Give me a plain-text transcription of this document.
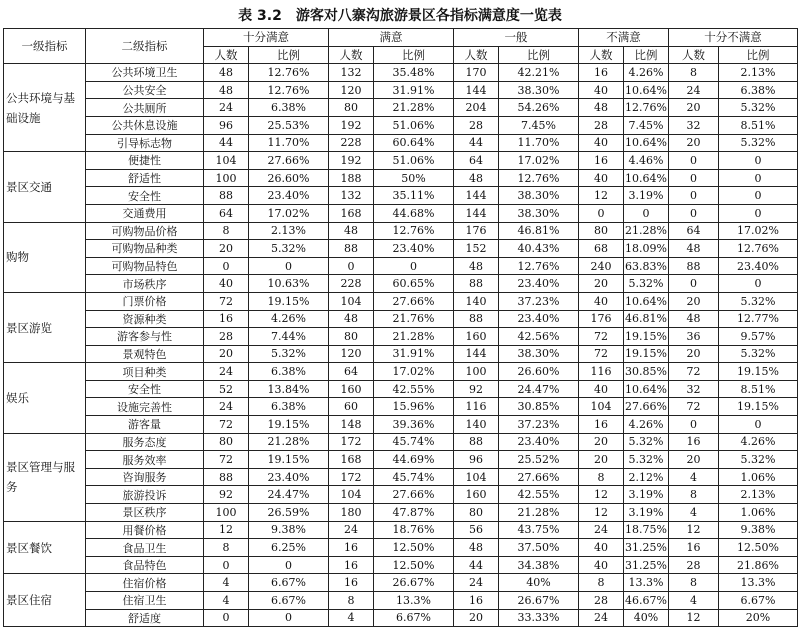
表 3.2　游客对八寨沟旅游景区各指标满意度一览表
一级指标	二级指标	十分满意		满意		一般		不满意		十分不满意	
		人数	比例	人数	比例	人数	比例	人数	比例	人数	比例
公共环境与基础设施	公共环境卫生	48	12.76%	132	35.48%	170	42.21%	16	4.26%	8	2.13%
	公共安全	48	12.76%	120	31.91%	144	38.30%	40	10.64%	24	6.38%
	公共厕所	24	6.38%	80	21.28%	204	54.26%	48	12.76%	20	5.32%
	公共休息设施	96	25.53%	192	51.06%	28	7.45%	28	7.45%	32	8.51%
	引导标志物	44	11.70%	228	60.64%	44	11.70%	40	10.64%	20	5.32%
景区交通	便捷性	104	27.66%	192	51.06%	64	17.02%	16	4.46%	0	0
	舒适性	100	26.60%	188	50%	48	12.76%	40	10.64%	0	0
	安全性	88	23.40%	132	35.11%	144	38.30%	12	3.19%	0	0
	交通费用	64	17.02%	168	44.68%	144	38.30%	0	0	0	0
购物	可购物品价格	8	2.13%	48	12.76%	176	46.81%	80	21.28%	64	17.02%
	可购物品种类	20	5.32%	88	23.40%	152	40.43%	68	18.09%	48	12.76%
	可购物品特色	0	0	0	0	48	12.76%	240	63.83%	88	23.40%
	市场秩序	40	10.63%	228	60.65%	88	23.40%	20	5.32%	0	0
景区游览	门票价格	72	19.15%	104	27.66%	140	37.23%	40	10.64%	20	5.32%
	资源种类	16	4.26%	48	21.76%	88	23.40%	176	46.81%	48	12.77%
	游客参与性	28	7.44%	80	21.28%	160	42.56%	72	19.15%	36	9.57%
	景观特色	20	5.32%	120	31.91%	144	38.30%	72	19.15%	20	5.32%
娱乐	项目种类	24	6.38%	64	17.02%	100	26.60%	116	30.85%	72	19.15%
	安全性	52	13.84%	160	42.55%	92	24.47%	40	10.64%	32	8.51%
	设施完善性	24	6.38%	60	15.96%	116	30.85%	104	27.66%	72	19.15%
	游客量	72	19.15%	148	39.36%	140	37.23%	16	4.26%	0	0
景区管理与服务	服务态度	80	21.28%	172	45.74%	88	23.40%	20	5.32%	16	4.26%
	服务效率	72	19.15%	168	44.69%	96	25.52%	20	5.32%	20	5.32%
	咨询服务	88	23.40%	172	45.74%	104	27.66%	8	2.12%	4	1.06%
	旅游投诉	92	24.47%	104	27.66%	160	42.55%	12	3.19%	8	2.13%
	景区秩序	100	26.59%	180	47.87%	80	21.28%	12	3.19%	4	1.06%
景区餐饮	用餐价格	12	9.38%	24	18.76%	56	43.75%	24	18.75%	12	9.38%
	食品卫生	8	6.25%	16	12.50%	48	37.50%	40	31.25%	16	12.50%
	食品特色	0	0	16	12.50%	44	34.38%	40	31.25%	28	21.86%
景区住宿	住宿价格	4	6.67%	16	26.67%	24	40%	8	13.3%	8	13.3%
	住宿卫生	4	6.67%	8	13.3%	16	26.67%	28	46.67%	4	6.67%
	舒适度	0	0	4	6.67%	20	33.33%	24	40%	12	20%
